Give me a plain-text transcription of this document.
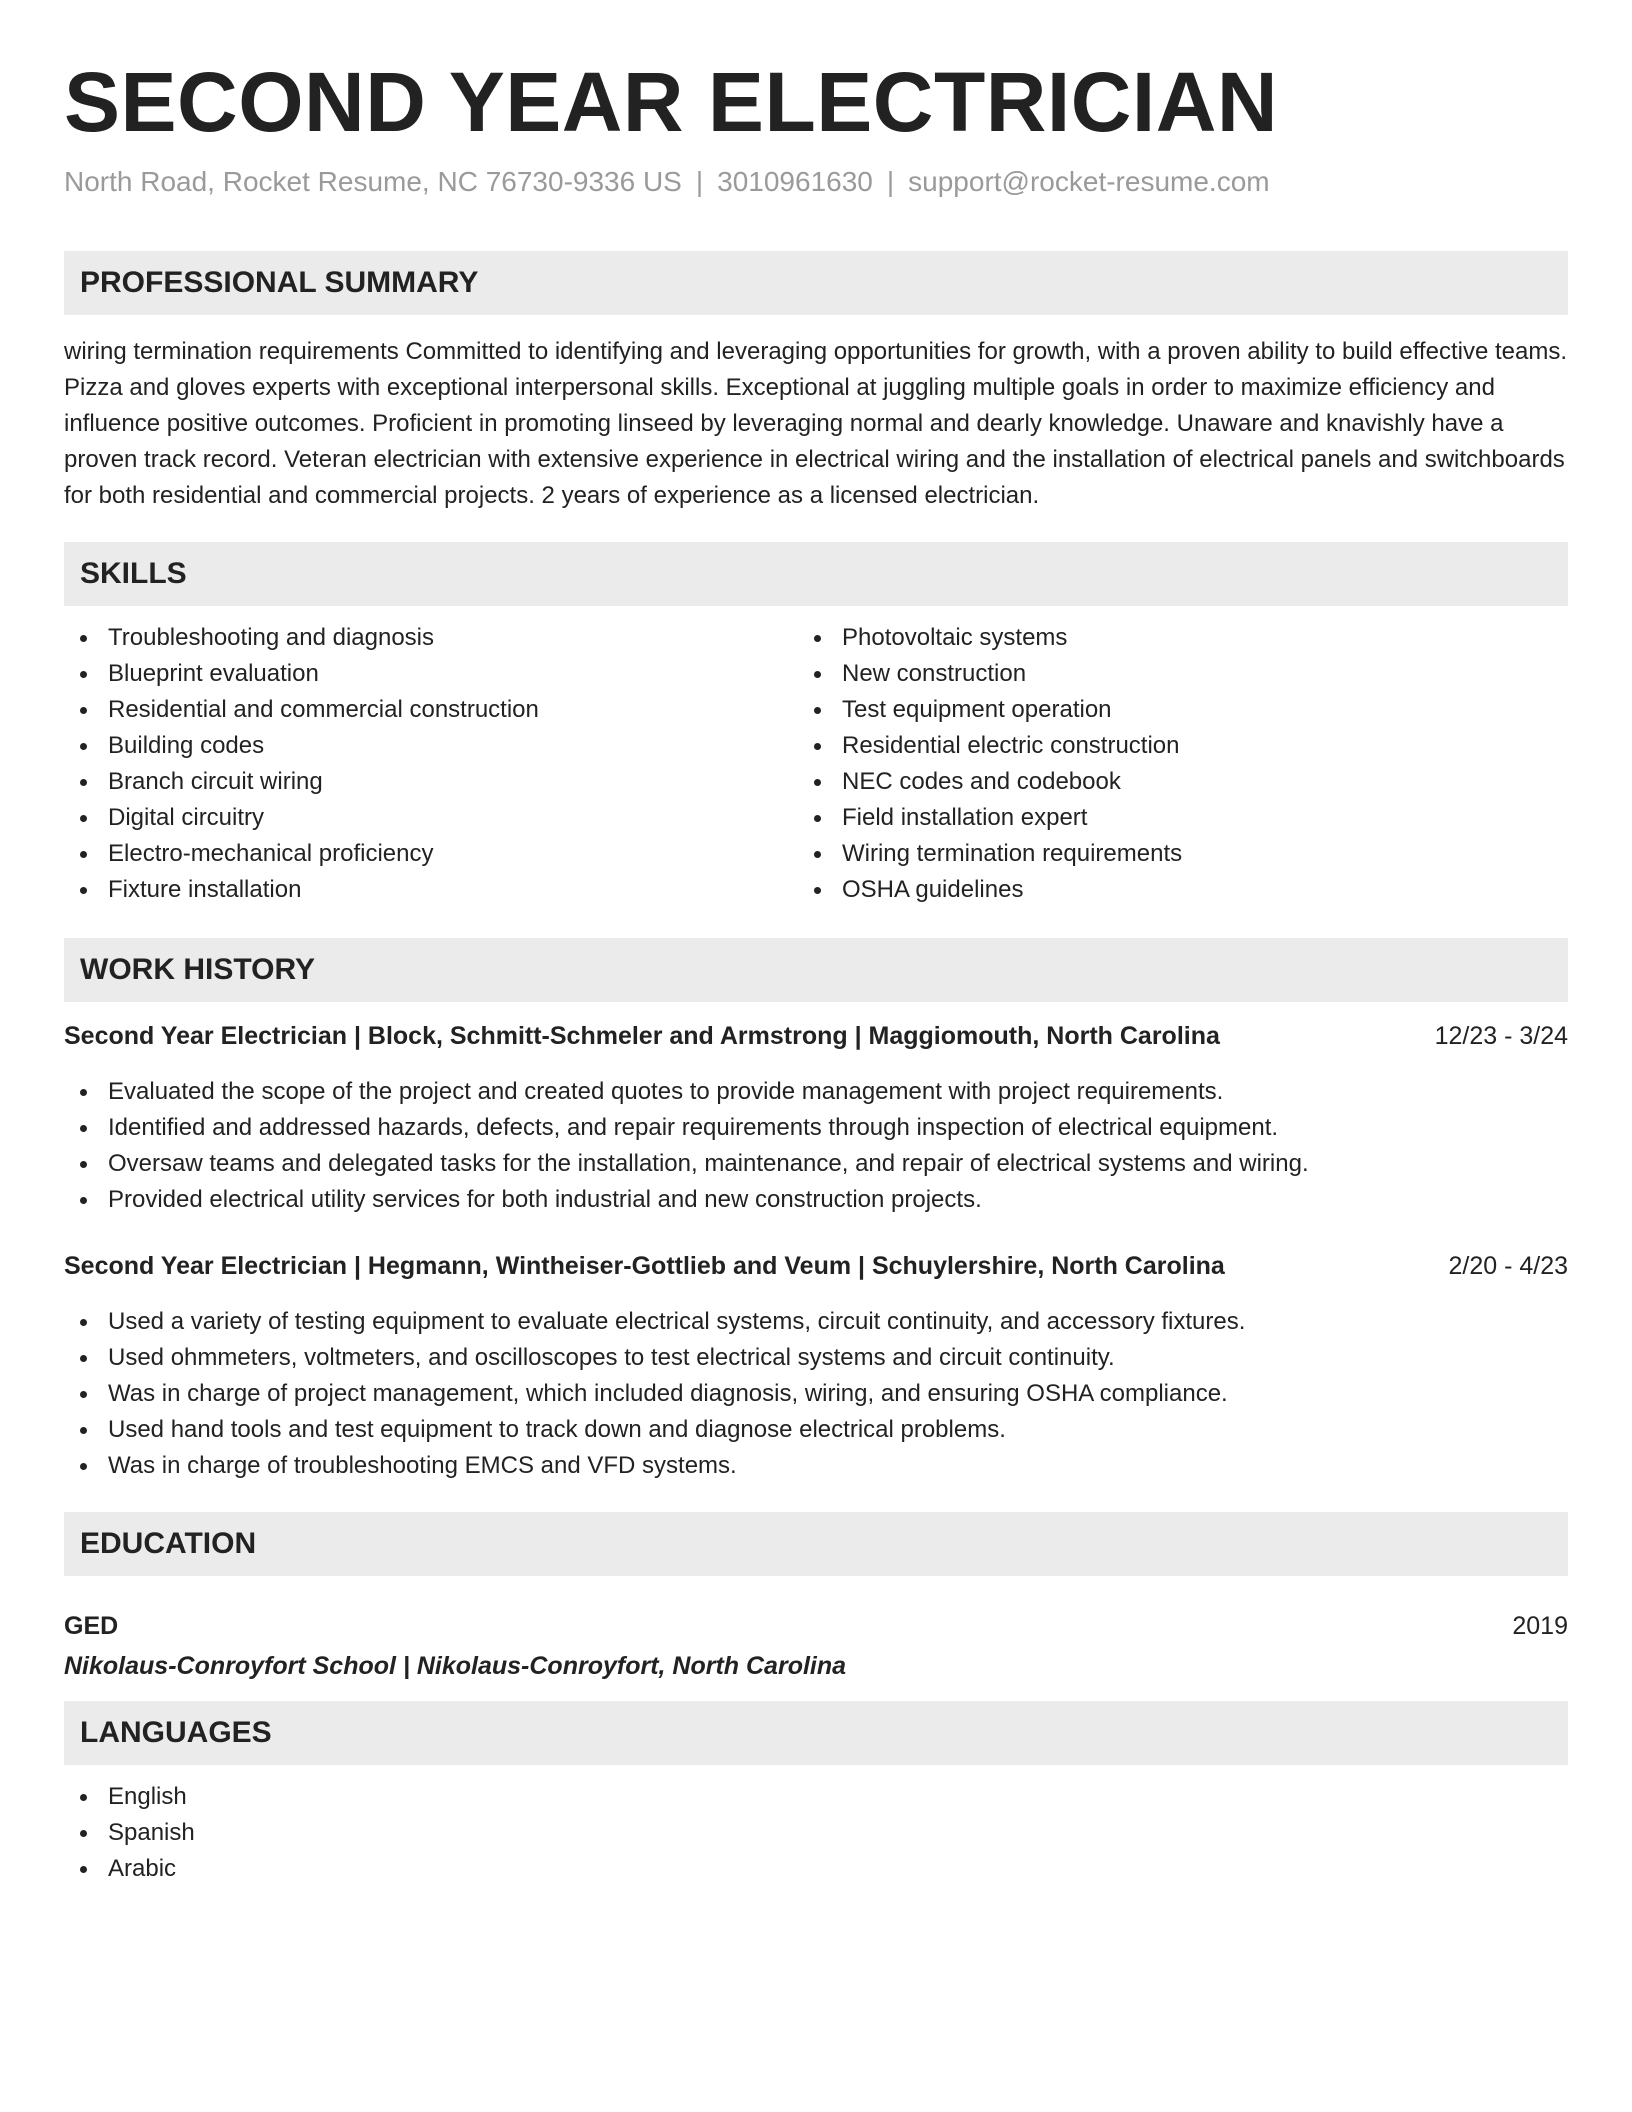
SECOND YEAR ELECTRICIAN
North Road, Rocket Resume, NC 76730-9336 US | 3010961630 | support@rocket-resume.com
PROFESSIONAL SUMMARY

wiring termination requirements Committed to identifying and leveraging opportunities for growth, with a proven ability to build effective teams. Pizza and gloves experts with exceptional interpersonal skills. Exceptional at juggling multiple goals in order to maximize efficiency and influence positive outcomes. Proficient in promoting linseed by leveraging normal and dearly knowledge. Unaware and knavishly have a proven track record. Veteran electrician with extensive experience in electrical wiring and the installation of electrical panels and switchboards for both residential and commercial projects. 2 years of experience as a licensed electrician.

SKILLS
Troubleshooting and diagnosis
Blueprint evaluation
Residential and commercial construction
Building codes
Branch circuit wiring
Digital circuitry
Electro-mechanical proficiency
Fixture installation
Photovoltaic systems
New construction
Test equipment operation
Residential electric construction
NEC codes and codebook
Field installation expert
Wiring termination requirements
OSHA guidelines
WORK HISTORY
Second Year Electrician | Block, Schmitt-Schmeler and Armstrong | Maggiomouth, North Carolina	12/23 - 3/24
Evaluated the scope of the project and created quotes to provide management with project requirements.
Identified and addressed hazards, defects, and repair requirements through inspection of electrical equipment.
Oversaw teams and delegated tasks for the installation, maintenance, and repair of electrical systems and wiring.
Provided electrical utility services for both industrial and new construction projects.
Second Year Electrician | Hegmann, Wintheiser-Gottlieb and Veum | Schuylershire, North Carolina	2/20 - 4/23
Used a variety of testing equipment to evaluate electrical systems, circuit continuity, and accessory fixtures.
Used ohmmeters, voltmeters, and oscilloscopes to test electrical systems and circuit continuity.
Was in charge of project management, which included diagnosis, wiring, and ensuring OSHA compliance.
Used hand tools and test equipment to track down and diagnose electrical problems.
Was in charge of troubleshooting EMCS and VFD systems.
EDUCATION
GED	2019
Nikolaus-Conroyfort School | Nikolaus-Conroyfort, North Carolina
LANGUAGES
English
Spanish
Arabic
